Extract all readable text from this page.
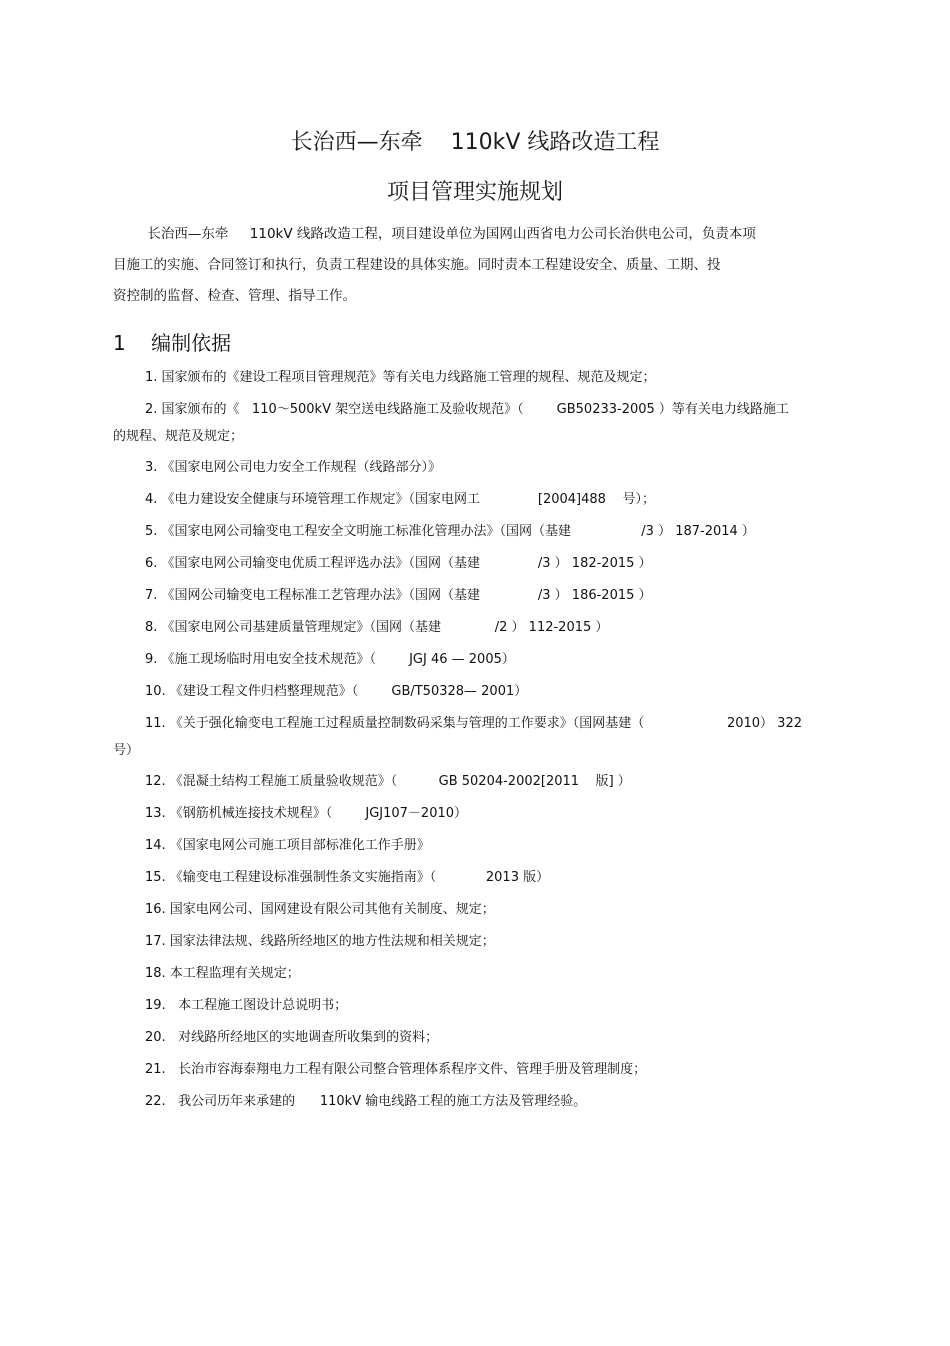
长治西—东牵    110kV 线路改造工程
项目管理实施规划

长治西—东牵     110kV 线路改造工程，项目建设单位为国网山西省电力公司长治供电公司，负责本项

目施工的实施、合同签订和执行，负责工程建设的具体实施。同时责本工程建设安全、质量、工期、投

资控制的监督、检查、管理、指导工作。

1    编制依据
1. 国家颁布的《建设工程项目管理规范》等有关电力线路施工管理的规程、规范及规定；
2. 国家颁布的《   110～500kV 架空送电线路施工及验收规范》（        GB50233-2005 ）等有关电力线路施工
的规程、规范及规定；
3. 《国家电网公司电力安全工作规程（线路部分）》
4. 《电力建设安全健康与环境管理工作规定》（国家电网工              [2004]488    号）；
5. 《国家电网公司输变电工程安全文明施工标准化管理办法》（国网（基建                 /3 ） 187-2014 ）
6. 《国家电网公司输变电优质工程评选办法》（国网（基建              /3 ） 182-2015 ）
7. 《国网公司输变电工程标准工艺管理办法》（国网（基建              /3 ） 186-2015 ）
8. 《国家电网公司基建质量管理规定》（国网（基建             /2 ） 112-2015 ）
9. 《施工现场临时用电安全技术规范》（        JGJ 46 — 2005）
10. 《建设工程文件归档整理规范》（        GB/T50328— 2001）
11. 《关于强化输变电工程施工过程质量控制数码采集与管理的工作要求》（国网基建（                    2010） 322
号）
12. 《混凝土结构工程施工质量验收规范》（          GB 50204-2002[2011    版] ）
13. 《钢筋机械连接技术规程》（        JGJ107－2010）
14. 《国家电网公司施工项目部标准化工作手册》
15. 《输变电工程建设标准强制性条文实施指南》（            2013 版）
16. 国家电网公司、国网建设有限公司其他有关制度、规定；
17. 国家法律法规、线路所经地区的地方性法规和相关规定；
18. 本工程监理有关规定；
19.   本工程施工图设计总说明书；
20.   对线路所经地区的实地调查所收集到的资料；
21.   长治市容海泰翔电力工程有限公司整合管理体系程序文件、管理手册及管理制度；
22.   我公司历年来承建的      110kV 输电线路工程的施工方法及管理经验。
